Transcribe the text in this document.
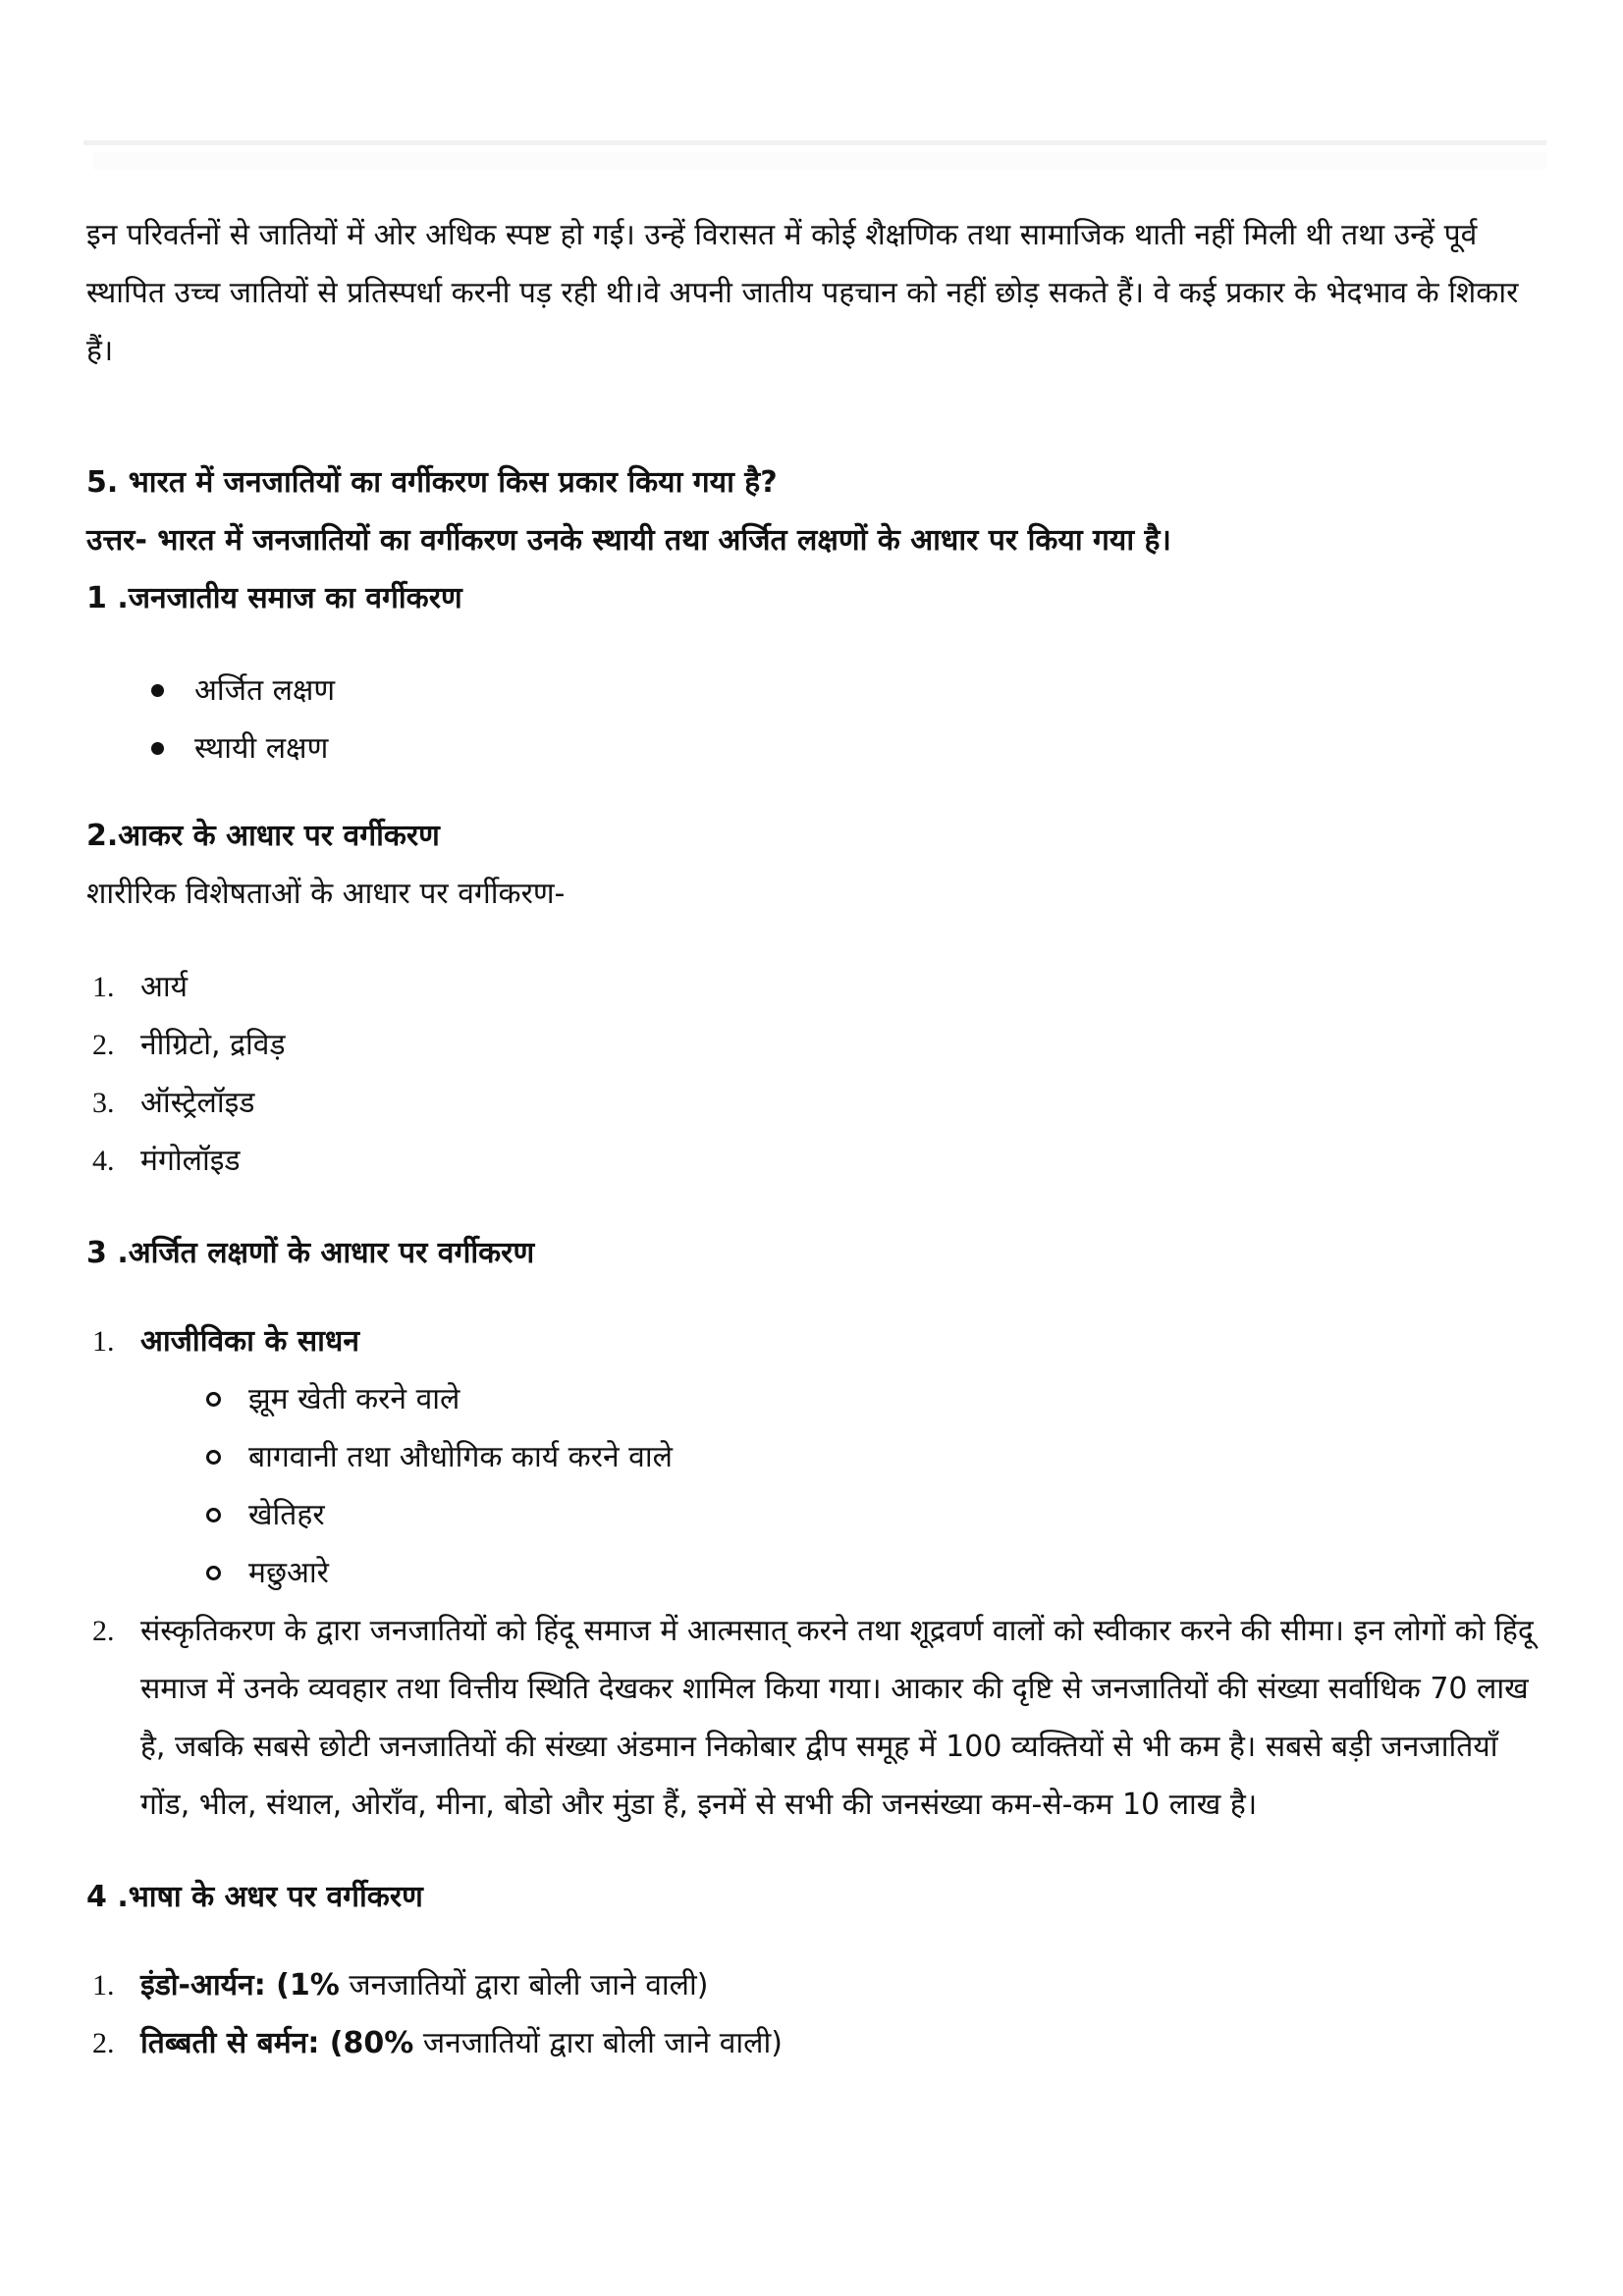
इन परिवर्तनों से जातियों में ओर अधिक स्पष्ट हो गई। उन्हें विरासत में कोई शैक्षणिक तथा सामाजिक थाती नहीं मिली थी तथा उन्हें पूर्व स्थापित उच्च जातियों से प्रतिस्पर्धा करनी पड़ रही थी।वे अपनी जातीय पहचान को नहीं छोड़ सकते हैं। वे कई प्रकार के भेदभाव के शिकार हैं।

5. भारत में जनजातियों का वर्गीकरण किस प्रकार किया गया है?

उत्तर- भारत में जनजातियों का वर्गीकरण उनके स्थायी तथा अर्जित लक्षणों के आधार पर किया गया है।

1 .जनजातीय समाज का वर्गीकरण

अर्जित लक्षण
स्थायी लक्षण

2.आकर के आधार पर वर्गीकरण

शारीरिक विशेषताओं के आधार पर वर्गीकरण-

1. आर्य
2. नीग्रिटो, द्रविड़
3. ऑस्ट्रेलॉइड
4. मंगोलॉइड

3 .अर्जित लक्षणों के आधार पर वर्गीकरण

1. आजीविका के साधन
झूम खेती करने वाले
बागवानी तथा औधोगिक कार्य करने वाले
खेतिहर
मछुआरे
2. संस्कृतिकरण के द्वारा जनजातियों को हिंदू समाज में आत्मसात् करने तथा शूद्रवर्ण वालों को स्वीकार करने की सीमा। इन लोगों को हिंदू समाज में उनके व्यवहार तथा वित्तीय स्थिति देखकर शामिल किया गया। आकार की दृष्टि से जनजातियों की संख्या सर्वाधिक 70 लाख है, जबकि सबसे छोटी जनजातियों की संख्या अंडमान निकोबार द्वीप समूह में 100 व्यक्तियों से भी कम है। सबसे बड़ी जनजातियाँ गोंड, भील, संथाल, ओरॉंव, मीना, बोडो और मुंडा हैं, इनमें से सभी की जनसंख्या कम-से-कम 10 लाख है।

4 .भाषा के अधर पर वर्गीकरण

1. इंडो-आर्यन: (1% जनजातियों द्वारा बोली जाने वाली)
2. तिब्बती से बर्मन: (80% जनजातियों द्वारा बोली जाने वाली)
